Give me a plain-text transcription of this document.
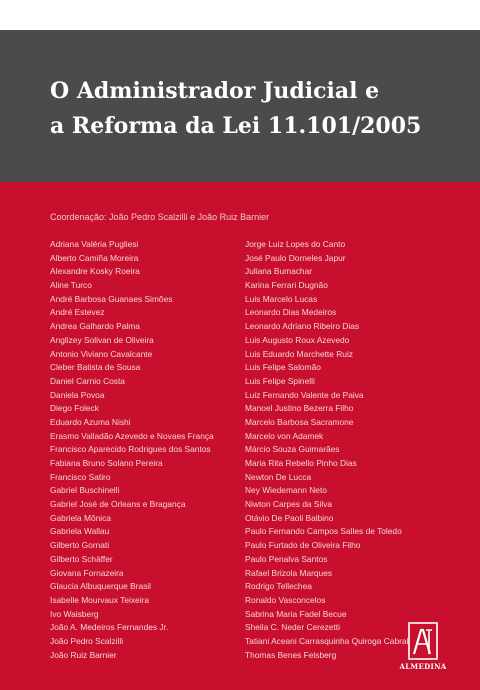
O Administrador Judicial e
a Reforma da Lei 11.101/2005
Coordenação: João Pedro Scalzilli e João Ruiz Barnier
Adriana Valéria Pugliesi
Alberto Camiña Moreira
Alexandre Kosky Roeira
Aline Turco
André Barbosa Guanaes Simões
André Estevez
Andrea Galhardo Palma
Anglizey Solivan de Oliveira
Antonio Viviano Cavalcante
Cleber Batista de Sousa
Daniel Carnio Costa
Daniela Povoa
Diego Foleck
Eduardo Azuma Nishi
Erasmo Valladão Azevedo e Novaes França
Francisco Aparecido Rodrigues dos Santos
Fabiana Bruno Solano Pereira
Francisco Satiro
Gabriel Buschinelli
Gabriel José de Orleans e Bragança
Gabriela Mônica
Gabriela Wallau
Gilberto Gornati
Gilberto Schäffer
Giovana Fornazeira
Glaucia Albuquerque Brasil
Isabelle Mourvaux Teixeira
Ivo Waisberg
João A. Medeiros Fernandes Jr.
João Pedro Scalzilli
João Ruiz Barnier
Jorge Luiz Lopes do Canto
José Paulo Dorneles Japur
Juliana Bumachar
Karina Ferrari Dugnão
Luis Marcelo Lucas
Leonardo Dias Medeiros
Leonardo Adriano Ribeiro Dias
Luis Augusto Roux Azevedo
Luis Eduardo Marchette Ruiz
Luis Felipe Salomão
Luis Felipe Spinelli
Luiz Fernando Valente de Paiva
Manoel Justino Bezerra Filho
Marcelo Barbosa Sacramone
Marcelo von Adamek
Márcio Souza Guimarães
Maria Rita Rebello Pinho Dias
Newton De Lucca
Ney Wiedemann Neto
Niwton Carpes da Silva
Otávio De Paoli Balbino
Paulo Fernando Campos Salles de Toledo
Paulo Furtado de Oliveira Filho
Paulo Penalva Santos
Rafael Brizola Marques
Rodrigo Tellechea
Ronaldo Vasconcelos
Sabrina Maria Fadel Becue
Sheila C. Neder Cerezetti
Tatiani Aceani Carrasquinha Quiroga Cabral
Thomas Benes Felsberg
ALMEDINA
